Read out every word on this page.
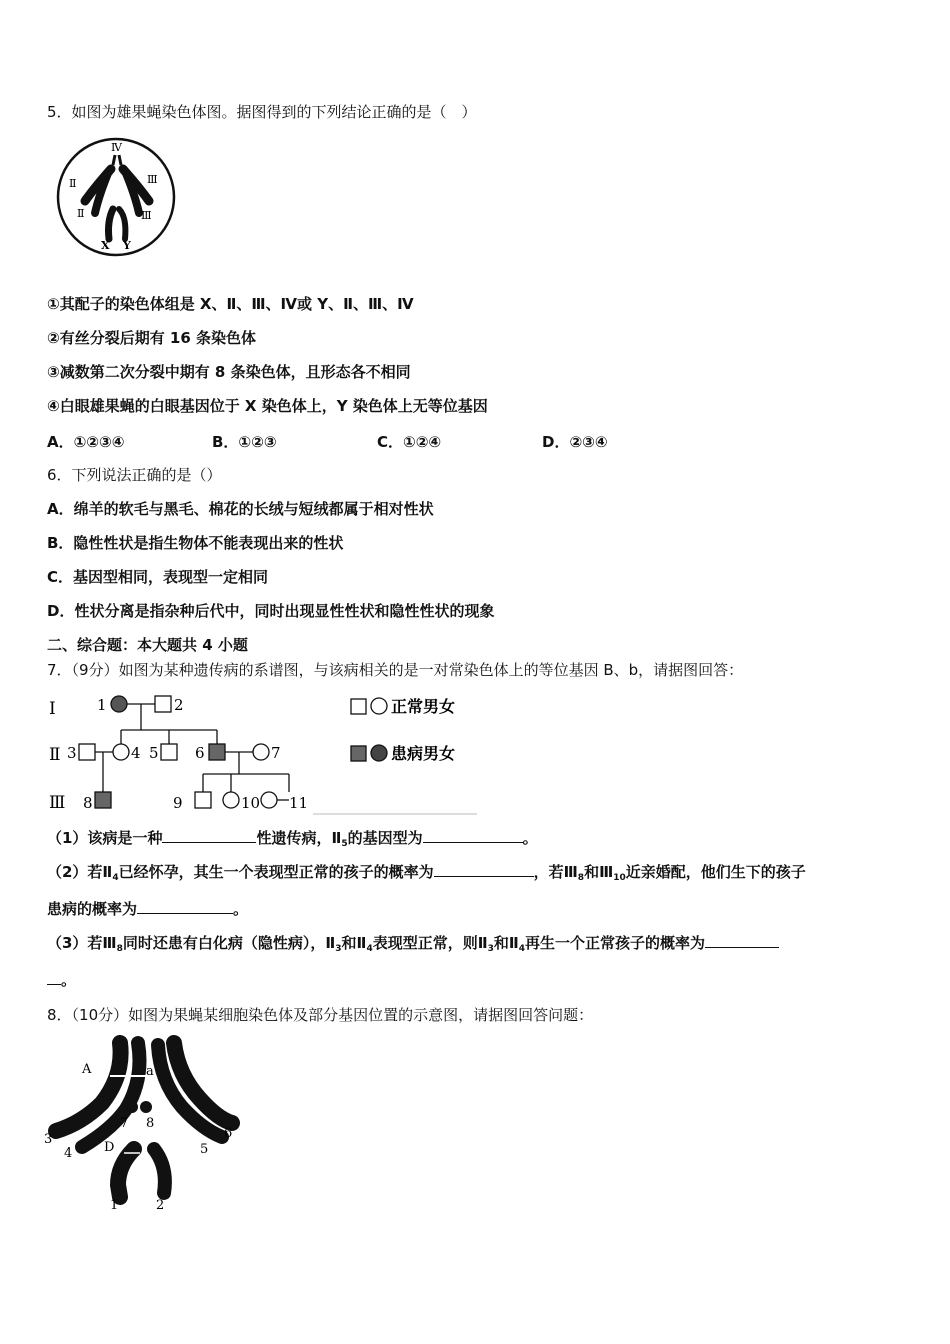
5．如图为雄果蝇染色体图。据图得到的下列结论正确的是（　）
Ⅳ
Ⅱ	Ⅲ
Ⅱ	Ⅲ
X Y
①其配子的染色体组是 X、Ⅱ、Ⅲ、Ⅳ或 Y、Ⅱ、Ⅲ、Ⅳ
②有丝分裂后期有 16 条染色体
③减数第二次分裂中期有 8 条染色体，且形态各不相同
④白眼雄果蝇的白眼基因位于 X 染色体上，Y 染色体上无等位基因
A．①②③④	B．①②③	C．①②④	D．②③④
6．下列说法正确的是（）
A．绵羊的软毛与黑毛、棉花的长绒与短绒都属于相对性状
B．隐性性状是指生物体不能表现出来的性状
C．基因型相同，表现型一定相同
D．性状分离是指杂种后代中，同时出现显性性状和隐性性状的现象
二、综合题：本大题共 4 小题
7．（9分）如图为某种遗传病的系谱图，与该病相关的是一对常染色体上的等位基因 B、b，请据图回答：
Ⅰ
Ⅱ
Ⅲ
1	2
3	4 5 6	7
8	9	10 11
正常男女
患病男女
（1）该病是一种	性遗传病，$Ⅱ_5$的基因型为	。
（2）若$Ⅱ_4$已经怀孕，其生一个表现型正常的孩子的概率为	，若$Ⅲ_8$和$Ⅲ_{10}$近亲婚配，他们生下的孩子
患病的概率为	。
（3）若$Ⅲ_8$同时还患有白化病（隐性病），$Ⅱ_3$和$Ⅱ_4$表现型正常，则$Ⅱ_3$和$Ⅱ_4$再生一个正常孩子的概率为
。
8．（10分）如图为果蝇某细胞染色体及部分基因位置的示意图，请据图回答问题：
A	a
7 8
3
4	5
6
D
1	2
